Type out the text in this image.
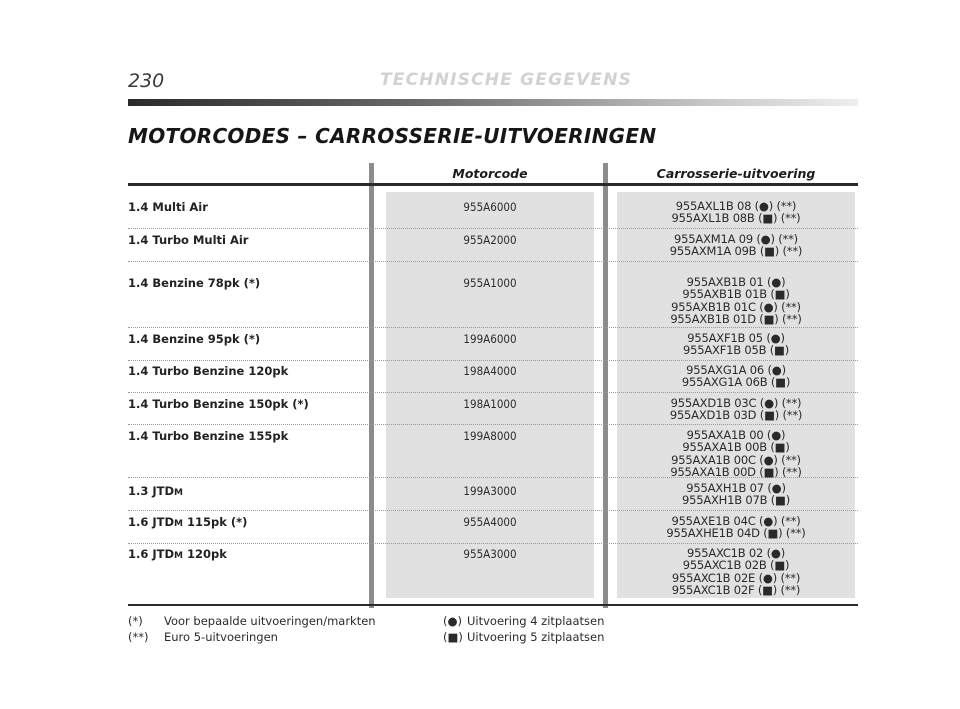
230	TECHNISCHE GEGEVENS
MOTORCODES – CARROSSERIE-UITVOERINGEN
Motorcode	Carrosserie-uitvoering
1.4 Multi Air	955A6000	955AXL1B 08 (●) (**)
955AXL1B 08B (■) (**)
1.4 Turbo Multi Air	955A2000	955AXM1A 09 (●) (**)
955AXM1A 09B (■) (**)
1.4 Benzine 78pk (*)	955A1000	955AXB1B 01 (●)
955AXB1B 01B (■)
955AXB1B 01C (●) (**)
955AXB1B 01D (■) (**)
1.4 Benzine 95pk (*)	199A6000	955AXF1B 05 (●)
955AXF1B 05B (■)
1.4 Turbo Benzine 120pk	198A4000	955AXG1A 06 (●)
955AXG1A 06B (■)
1.4 Turbo Benzine 150pk (*)	198A1000	955AXD1B 03C (●) (**)
955AXD1B 03D (■) (**)
1.4 Turbo Benzine 155pk	199A8000	955AXA1B 00 (●)
955AXA1B 00B (■)
955AXA1B 00C (●) (**)
955AXA1B 00D (■) (**)
1.3 JTDM	199A3000	955AXH1B 07 (●)
955AXH1B 07B (■)
1.6 JTDM 115pk (*)	955A4000	955AXE1B 04C (●) (**)
955AXHE1B 04D (■) (**)
1.6 JTDM 120pk	955A3000	955AXC1B 02 (●)
955AXC1B 02B (■)
955AXC1B 02E (●) (**)
955AXC1B 02F (■) (**)
(*) Voor bepaalde uitvoeringen/markten
(**) Euro 5-uitvoeringen
(●) Uitvoering 4 zitplaatsen
(■) Uitvoering 5 zitplaatsen
